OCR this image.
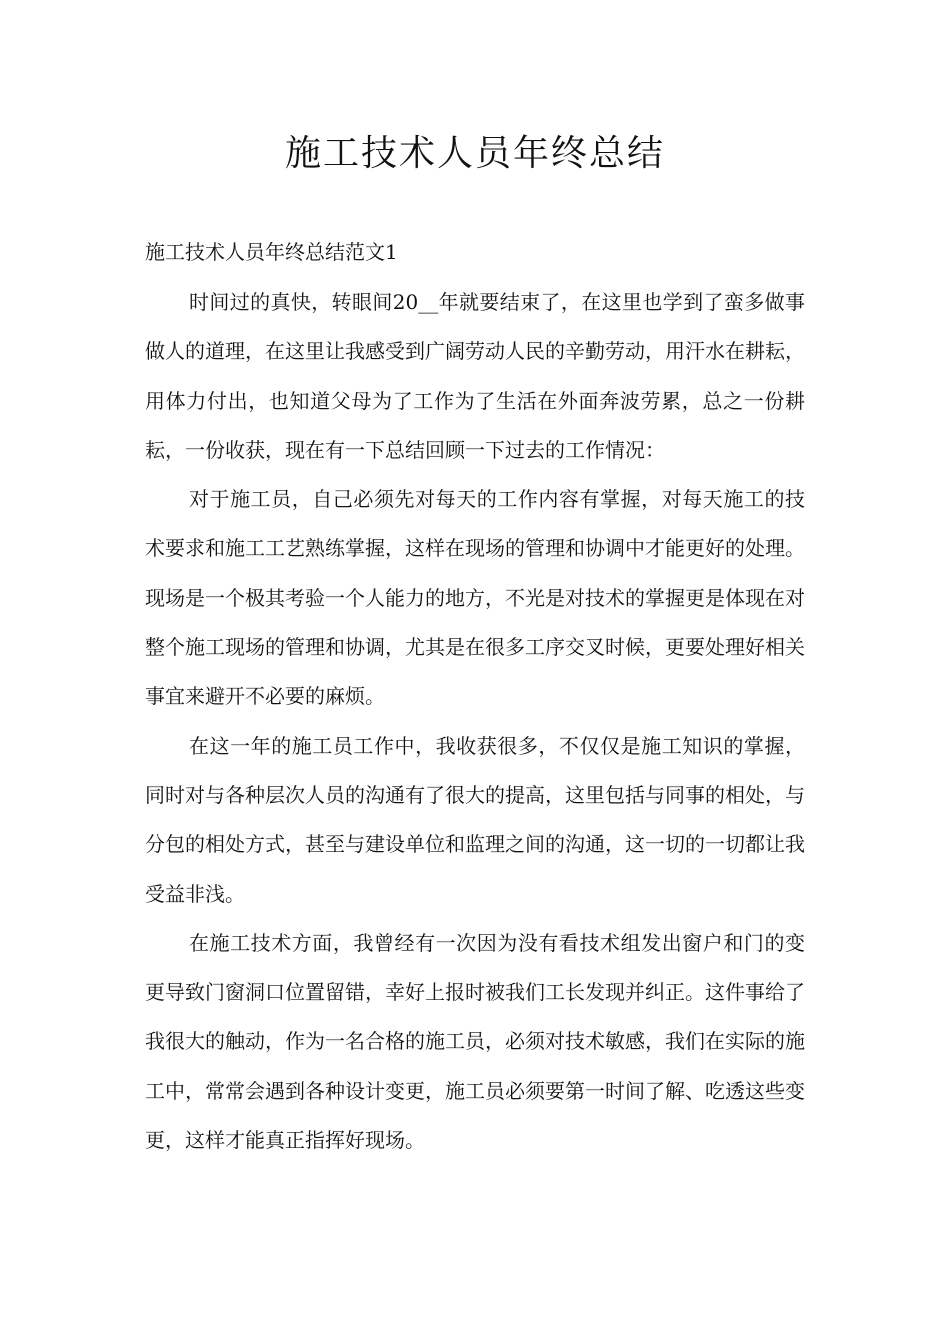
施工技术人员年终总结

施工技术人员年终总结范文1

时间过的真快，转眼间20__年就要结束了，在这里也学到了蛮多做事做人的道理，在这里让我感受到广阔劳动人民的辛勤劳动，用汗水在耕耘，用体力付出，也知道父母为了工作为了生活在外面奔波劳累，总之一份耕耘，一份收获，现在有一下总结回顾一下过去的工作情况：

对于施工员，自己必须先对每天的工作内容有掌握，对每天施工的技术要求和施工工艺熟练掌握，这样在现场的管理和协调中才能更好的处理。现场是一个极其考验一个人能力的地方，不光是对技术的掌握更是体现在对整个施工现场的管理和协调，尤其是在很多工序交叉时候，更要处理好相关事宜来避开不必要的麻烦。

在这一年的施工员工作中，我收获很多，不仅仅是施工知识的掌握，同时对与各种层次人员的沟通有了很大的提高，这里包括与同事的相处，与分包的相处方式，甚至与建设单位和监理之间的沟通，这一切的一切都让我受益非浅。

在施工技术方面，我曾经有一次因为没有看技术组发出窗户和门的变更导致门窗洞口位置留错，幸好上报时被我们工长发现并纠正。这件事给了我很大的触动，作为一名合格的施工员，必须对技术敏感，我们在实际的施工中，常常会遇到各种设计变更，施工员必须要第一时间了解、吃透这些变更，这样才能真正指挥好现场。
